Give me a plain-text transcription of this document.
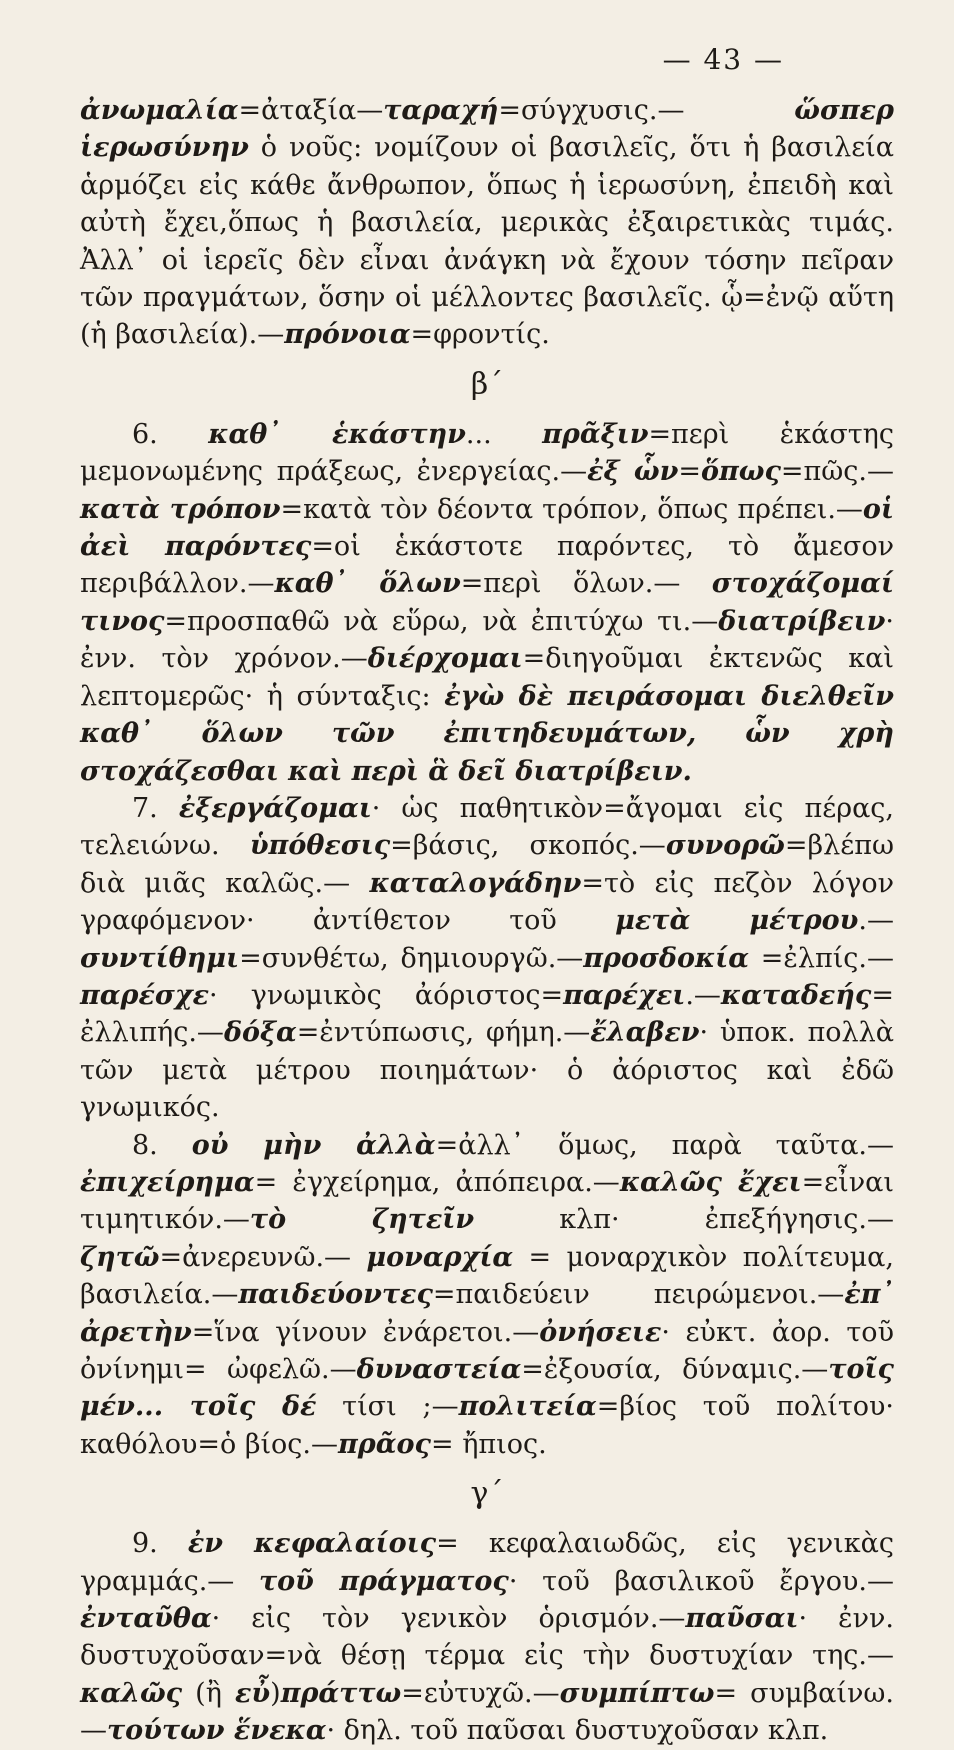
— 43 —

ἀνωμαλία=ἀταξία—ταραχή=σύγχυσις.— ὥσπερ ἱερωσύνην ὁ νοῦς: νομίζουν οἱ βασιλεῖς, ὅτι ἡ βασιλεία ἁρμόζει εἰς κάθε ἄνθρωπον, ὅπως ἡ ἱερωσύνη, ἐπειδὴ καὶ αὐτὴ ἔχει,ὅπως ἡ βασιλεία, μερικὰς ἐξαιρετικὰς τιμάς. Ἀλλ᾽ οἱ ἱερεῖς δὲν εἶναι ἀνάγκη νὰ ἔχουν τόσην πεῖραν τῶν πραγμάτων, ὅσην οἱ μέλλοντες βασιλεῖς. ᾧ=ἐνῷ αὕτη (ἡ βασιλεία).—πρόνοια=φροντίς.

β΄

6. καθ᾽ ἑκάστην... πρᾶξιν=περὶ ἑκάστης μεμονωμένης πράξεως, ἐνεργείας.—ἐξ ὧν=ὅπως=πῶς.—κατὰ τρόπον=κατὰ τὸν δέοντα τρόπον, ὅπως πρέπει.—οἱ ἀεὶ παρόντες=οἱ ἑκάστοτε παρόντες, τὸ ἄμεσον περιβάλλον.—καθ᾽ ὅλων=περὶ ὅλων.— στοχάζομαί τινος=προσπαθῶ νὰ εὕρω, νὰ ἐπιτύχω τι.—διατρίβειν· ἐνν. τὸν χρόνον.—διέρχομαι=διηγοῦμαι ἐκτενῶς καὶ λεπτομερῶς· ἡ σύνταξις: ἐγὼ δὲ πειράσομαι διελθεῖν καθ᾽ ὅλων τῶν ἐπιτηδευμάτων, ὧν χρὴ στοχάζεσθαι καὶ περὶ ἃ δεῖ διατρίβειν.

7. ἐξεργάζομαι· ὡς παθητικὸν=ἄγομαι εἰς πέρας, τελειώνω. ὑπόθεσις=βάσις, σκοπός.—συνορῶ=βλέπω διὰ μιᾶς καλῶς.— καταλογάδην=τὸ εἰς πεζὸν λόγον γραφόμενον· ἀντίθετον τοῦ μετὰ μέτρου.—συντίθημι=συνθέτω, δημιουργῶ.—προσδοκία =ἐλπίς.—παρέσχε· γνωμικὸς ἀόριστος=παρέχει.—καταδεής= ἐλλιπής.—δόξα=ἐντύπωσις, φήμη.—ἔλαβεν· ὑποκ. πολλὰ τῶν μετὰ μέτρου ποιημάτων· ὁ ἀόριστος καὶ ἐδῶ γνωμικός.

8. οὐ μὴν ἀλλὰ=ἀλλ᾽ ὅμως, παρὰ ταῦτα.—ἐπιχείρημα= ἐγχείρημα, ἀπόπειρα.—καλῶς ἔχει=εἶναι τιμητικόν.—τὸ ζητεῖν κλπ· ἐπεξήγησις.—ζητῶ=ἀνερευνῶ.— μοναρχία = μοναρχικὸν πολίτευμα, βασιλεία.—παιδεύοντες=παιδεύειν πειρώμενοι.—ἐπ᾽ ἀρετὴν=ἵνα γίνουν ἐνάρετοι.—ὀνήσειε· εὐκτ. ἀορ. τοῦ ὀνίνημι= ὠφελῶ.—δυναστεία=ἐξουσία, δύναμις.—τοῖς μέν... τοῖς δέ τίσι ;—πολιτεία=βίος τοῦ πολίτου· καθόλου=ὁ βίος.—πρᾶος= ἤπιος.

γ΄

9. ἐν κεφαλαίοις= κεφαλαιωδῶς, εἰς γενικὰς γραμμάς.— τοῦ πράγματος· τοῦ βασιλικοῦ ἔργου.—ἐνταῦθα· εἰς τὸν γενικὸν ὁρισμόν.—παῦσαι· ἐνν. δυστυχοῦσαν=νὰ θέσῃ τέρμα εἰς τὴν δυστυχίαν της.—καλῶς (ἢ εὖ)πράττω=εὐτυχῶ.—συμπίπτω= συμβαίνω.—τούτων ἕνεκα· δηλ. τοῦ παῦσαι δυστυχοῦσαν κλπ.
